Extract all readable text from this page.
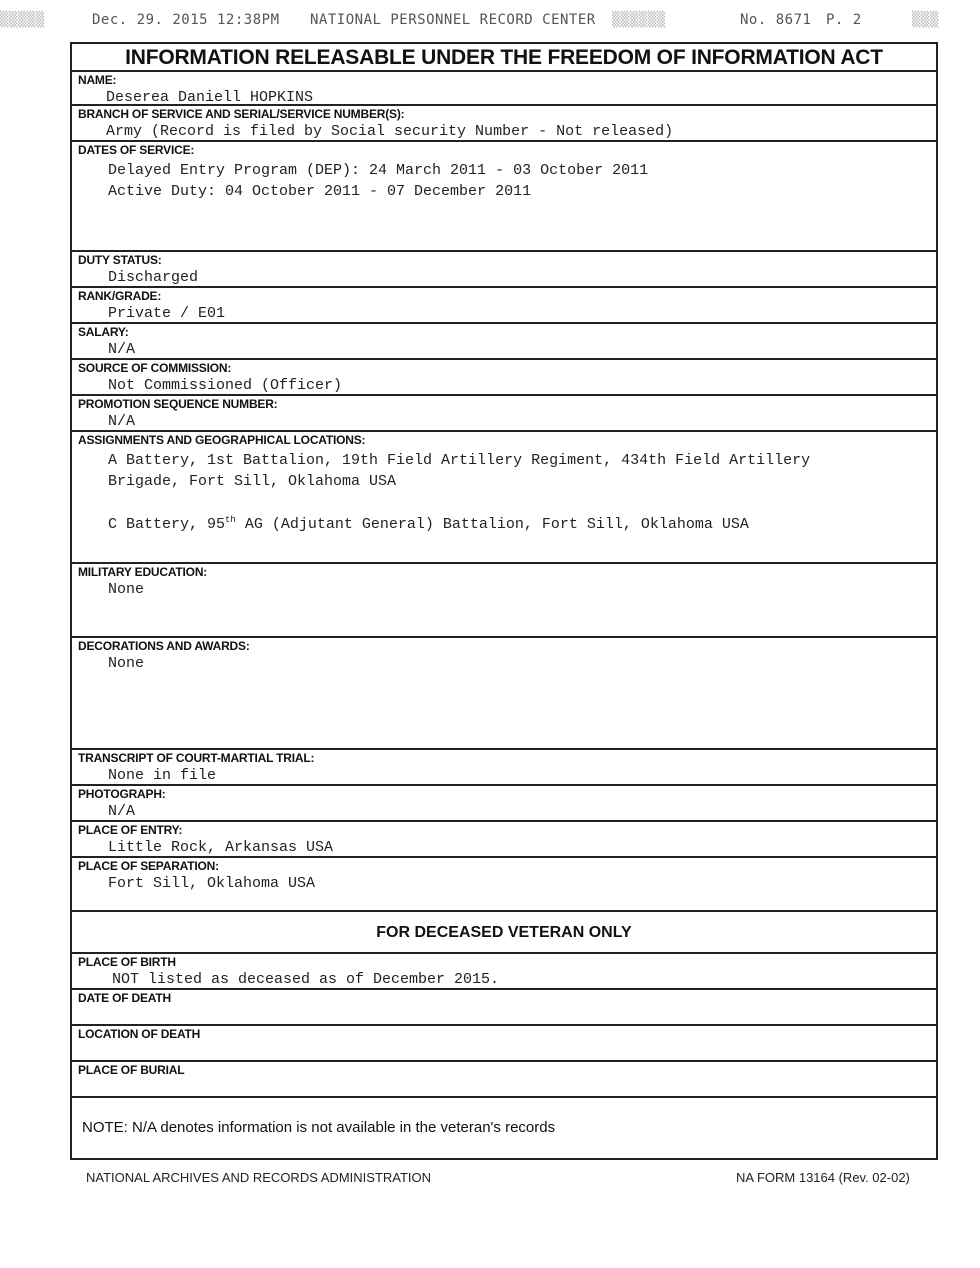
▒▒▒▒▒	Dec. 29. 2015 12:38PM NATIONAL PERSONNEL RECORD CENTER ▒▒▒▒▒▒	No. 8671 P. 2	▒▒▒
INFORMATION RELEASABLE UNDER THE FREEDOM OF INFORMATION ACT
NAME:
Deserea Daniell HOPKINS
BRANCH OF SERVICE AND SERIAL/SERVICE NUMBER(S):
Army (Record is filed by Social security Number - Not released)
DATES OF SERVICE:
Delayed Entry Program (DEP): 24 March 2011 - 03 October 2011
Active Duty: 04 October 2011 - 07 December 2011
DUTY STATUS:
Discharged
RANK/GRADE:
Private / E01
SALARY:
N/A
SOURCE OF COMMISSION:
Not Commissioned (Officer)
PROMOTION SEQUENCE NUMBER:
N/A
ASSIGNMENTS AND GEOGRAPHICAL LOCATIONS:
A Battery, 1st Battalion, 19th Field Artillery Regiment, 434th Field Artillery
Brigade, Fort Sill, Oklahoma USA
C Battery, 95th AG (Adjutant General) Battalion, Fort Sill, Oklahoma USA
MILITARY EDUCATION:
None
DECORATIONS AND AWARDS:
None
TRANSCRIPT OF COURT-MARTIAL TRIAL:
None in file
PHOTOGRAPH:
N/A
PLACE OF ENTRY:
Little Rock, Arkansas USA
PLACE OF SEPARATION:
Fort Sill, Oklahoma USA
FOR DECEASED VETERAN ONLY
PLACE OF BIRTH
NOT listed as deceased as of December 2015.
DATE OF DEATH
LOCATION OF DEATH
PLACE OF BURIAL
NOTE: N/A denotes information is not available in the veteran's records
NATIONAL ARCHIVES AND RECORDS ADMINISTRATION	NA FORM 13164 (Rev. 02-02)
